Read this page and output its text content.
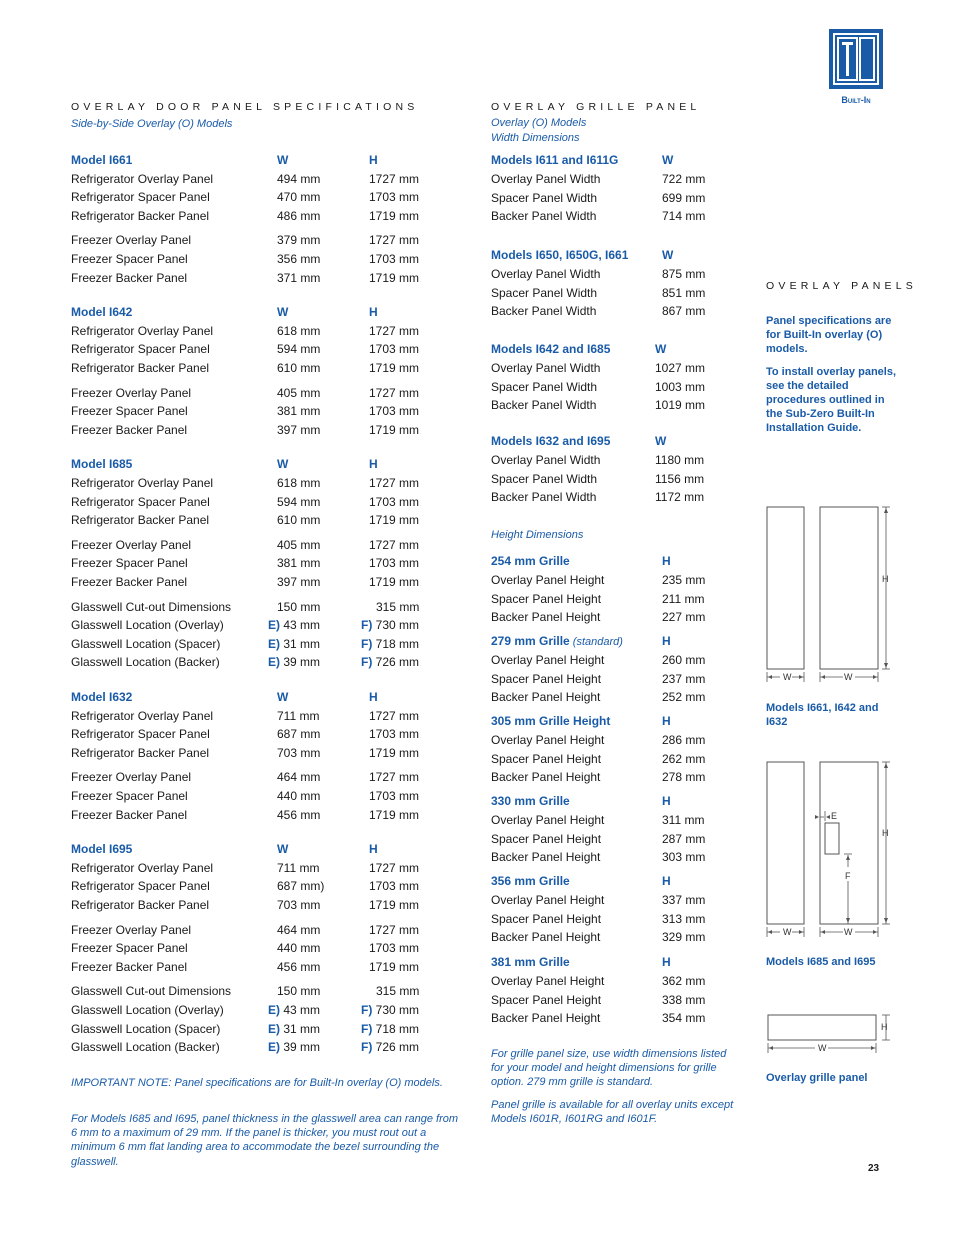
Built-In
OVERLAY DOOR PANEL SPECIFICATIONS
Side-by-Side Overlay (O) Models
Model I661	W	H
Refrigerator Overlay Panel	494 mm	1727 mm
Refrigerator Spacer Panel	470 mm	1703 mm
Refrigerator Backer Panel	486 mm	1719 mm
Freezer Overlay Panel	379 mm	1727 mm
Freezer Spacer Panel	356 mm	1703 mm
Freezer Backer Panel	371 mm	1719 mm
Model I642	W	H
Refrigerator Overlay Panel	618 mm	1727 mm
Refrigerator Spacer Panel	594 mm	1703 mm
Refrigerator Backer Panel	610 mm	1719 mm
Freezer Overlay Panel	405 mm	1727 mm
Freezer Spacer Panel	381 mm	1703 mm
Freezer Backer Panel	397 mm	1719 mm
Model I685	W	H
Refrigerator Overlay Panel	618 mm	1727 mm
Refrigerator Spacer Panel	594 mm	1703 mm
Refrigerator Backer Panel	610 mm	1719 mm
Freezer Overlay Panel	405 mm	1727 mm
Freezer Spacer Panel	381 mm	1703 mm
Freezer Backer Panel	397 mm	1719 mm
Glasswell Cut-out Dimensions	150 mm	315 mm
Glasswell Location (Overlay)	E) 43 mm	F) 730 mm
Glasswell Location (Spacer)	E) 31 mm	F) 718 mm
Glasswell Location (Backer)	E) 39 mm	F) 726 mm
Model I632	W	H
Refrigerator Overlay Panel	711 mm	1727 mm
Refrigerator Spacer Panel	687 mm	1703 mm
Refrigerator Backer Panel	703 mm	1719 mm
Freezer Overlay Panel	464 mm	1727 mm
Freezer Spacer Panel	440 mm	1703 mm
Freezer Backer Panel	456 mm	1719 mm
Model I695	W	H
Refrigerator Overlay Panel	711 mm	1727 mm
Refrigerator Spacer Panel	687 mm)	1703 mm
Refrigerator Backer Panel	703 mm	1719 mm
Freezer Overlay Panel	464 mm	1727 mm
Freezer Spacer Panel	440 mm	1703 mm
Freezer Backer Panel	456 mm	1719 mm
Glasswell Cut-out Dimensions	150 mm	315 mm
Glasswell Location (Overlay)	E) 43 mm	F) 730 mm
Glasswell Location (Spacer)	E) 31 mm	F) 718 mm
Glasswell Location (Backer)	E) 39 mm	F) 726 mm
IMPORTANT NOTE: Panel specifications are for Built-In overlay (O) models.
For Models I685 and I695, panel thickness in the glasswell area can range from 6 mm to a maximum of 29 mm. If the panel is thicker, you must rout out a minimum 6 mm flat landing area to accommodate the bezel surrounding the glasswell.
OVERLAY GRILLE PANEL
Overlay (O) Models
Width Dimensions
Models I611 and I611G	W
Overlay Panel Width	722 mm
Spacer Panel Width	699 mm
Backer Panel Width	714 mm
Models I650, I650G, I661	W
Overlay Panel Width	875 mm
Spacer Panel Width	851 mm
Backer Panel Width	867 mm
Models I642 and I685	W
Overlay Panel Width	1027 mm
Spacer Panel Width	1003 mm
Backer Panel Width	1019 mm
Models I632 and I695	W
Overlay Panel Width	1180 mm
Spacer Panel Width	1156 mm
Backer Panel Width	1172 mm
Height Dimensions
254 mm Grille	H
Overlay Panel Height	235 mm
Spacer Panel Height	211 mm
Backer Panel Height	227 mm
279 mm Grille (standard)	H
Overlay Panel Height	260 mm
Spacer Panel Height	237 mm
Backer Panel Height	252 mm
305 mm Grille Height	H
Overlay Panel Height	286 mm
Spacer Panel Height	262 mm
Backer Panel Height	278 mm
330 mm Grille	H
Overlay Panel Height	311 mm
Spacer Panel Height	287 mm
Backer Panel Height	303 mm
356 mm Grille	H
Overlay Panel Height	337 mm
Spacer Panel Height	313 mm
Backer Panel Height	329 mm
381 mm Grille	H
Overlay Panel Height	362 mm
Spacer Panel Height	338 mm
Backer Panel Height	354 mm
For grille panel size, use width dimensions listed for your model and height dimensions for grille option. 279 mm grille is standard.
Panel grille is available for all overlay units except Models I601R, I601RG and I601F.
OVERLAY PANELS
Panel specifications are for Built-In overlay (O) models.
To install overlay panels, see the detailed procedures outlined in the Sub-Zero Built-In Installation Guide.
H
W	W
Models I661, I642 and I632
E
F
H
W	W
Models I685 and I695
H
W
Overlay grille panel
23
